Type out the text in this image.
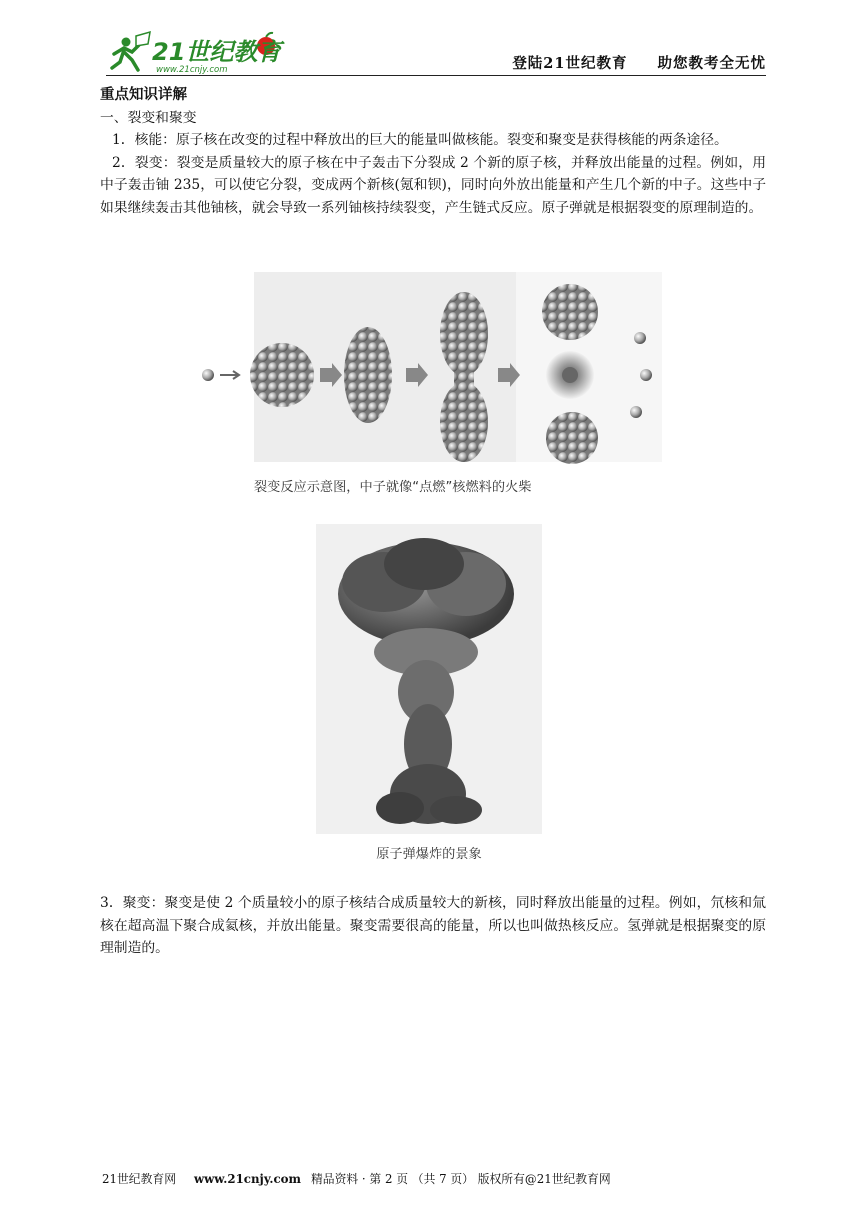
21世纪教育
www.21cnjy.com	登陆21世纪教育 助您教考全无忧
重点知识详解
一、裂变和聚变

1．核能：原子核在改变的过程中释放出的巨大的能量叫做核能。裂变和聚变是获得核能的两条途径。

2．裂变：裂变是质量较大的原子核在中子轰击下分裂成 2 个新的原子核，并释放出能量的过程。例如，用中子轰击铀 235，可以使它分裂，变成两个新核(氪和钡)，同时向外放出能量和产生几个新的中子。这些中子如果继续轰击其他铀核，就会导致一系列铀核持续裂变，产生链式反应。原子弹就是根据裂变的原理制造的。

裂变反应示意图，中子就像“点燃”核燃料的火柴
原子弹爆炸的景象

3．聚变：聚变是使 2 个质量较小的原子核结合成质量较大的新核，同时释放出能量的过程。例如，氘核和氚核在超高温下聚合成氦核，并放出能量。聚变需要很高的能量，所以也叫做热核反应。氢弹就是根据聚变的原理制造的。

21世纪教育网 www.21cnjy.com 精品资料 · 第 2 页 （共 7 页） 版权所有@21世纪教育网
